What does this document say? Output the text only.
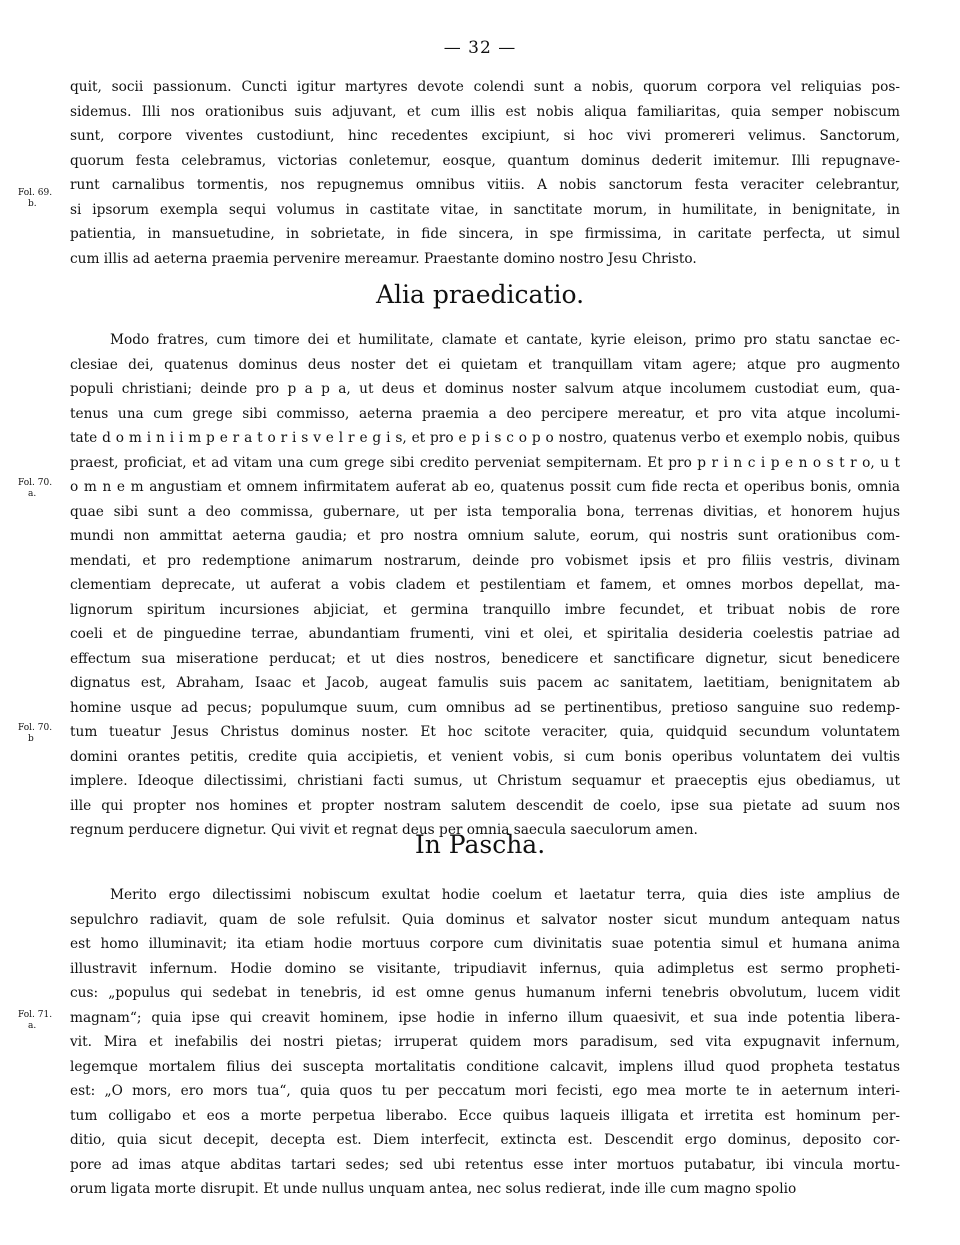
— 32 —
quit, socii passionum. Cuncti igitur martyres devote colendi sunt a nobis, quorum corpora vel reliquias pos-
sidemus. Illi nos orationibus suis adjuvant, et cum illis est nobis aliqua familiaritas, quia semper nobiscum
sunt, corpore viventes custodiunt, hinc recedentes excipiunt, si hoc vivi promereri velimus. Sanctorum,
quorum festa celebramus, victorias conletemur, eosque, quantum dominus dederit imitemur. Illi repugnave-
runt carnalibus tormentis, nos repugnemus omnibus vitiis. A nobis sanctorum festa veraciter celebrantur,
si ipsorum exempla sequi volumus in castitate vitae, in sanctitate morum, in humilitate, in benignitate, in
patientia, in mansuetudine, in sobrietate, in fide sincera, in spe firmissima, in caritate perfecta, ut simul
cum illis ad aeterna praemia pervenire mereamur. Praestante domino nostro Jesu Christo.
Alia praedicatio.
Modo fratres, cum timore dei et humilitate, clamate et cantate, kyrie eleison, primo pro statu sanctae ec-
clesiae dei, quatenus dominus deus noster det ei quietam et tranquillam vitam agere; atque pro augmento
populi christiani; deinde pro p a p a, ut deus et dominus noster salvum atque incolumem custodiat eum, qua-
tenus una cum grege sibi commisso, aeterna praemia a deo percipere mereatur, et pro vita atque incolumi-
tate d o m i n i i m p e r a t o r i s v e l r e g i s, et pro e p i s c o p o nostro, quatenus verbo et exemplo nobis, quibus
praest, proficiat, et ad vitam una cum grege sibi credito perveniat sempiternam. Et pro p r i n c i p e n o s t r o, u t
o m n e m angustiam et omnem infirmitatem auferat ab eo, quatenus possit cum fide recta et operibus bonis, omnia
quae sibi sunt a deo commissa, gubernare, ut per ista temporalia bona, terrenas divitias, et honorem hujus
mundi non ammittat aeterna gaudia; et pro nostra omnium salute, eorum, qui nostris sunt orationibus com-
mendati, et pro redemptione animarum nostrarum, deinde pro vobismet ipsis et pro filiis vestris, divinam
clementiam deprecate, ut auferat a vobis cladem et pestilentiam et famem, et omnes morbos depellat, ma-
lignorum spiritum incursiones abjiciat, et germina tranquillo imbre fecundet, et tribuat nobis de rore
coeli et de pinguedine terrae, abundantiam frumenti, vini et olei, et spiritalia desideria coelestis patriae ad
effectum sua miseratione perducat; et ut dies nostros, benedicere et sanctificare dignetur, sicut benedicere
dignatus est, Abraham, Isaac et Jacob, augeat famulis suis pacem ac sanitatem, laetitiam, benignitatem ab
homine usque ad pecus; populumque suum, cum omnibus ad se pertinentibus, pretioso sanguine suo redemp-
tum tueatur Jesus Christus dominus noster. Et hoc scitote veraciter, quia, quidquid secundum voluntatem
domini orantes petitis, credite quia accipietis, et venient vobis, si cum bonis operibus voluntatem dei vultis
implere. Ideoque dilectissimi, christiani facti sumus, ut Christum sequamur et praeceptis ejus obediamus, ut
ille qui propter nos homines et propter nostram salutem descendit de coelo, ipse sua pietate ad suum nos
regnum perducere dignetur. Qui vivit et regnat deus per omnia saecula saeculorum amen.
In Pascha.
Merito ergo dilectissimi nobiscum exultat hodie coelum et laetatur terra, quia dies iste amplius de
sepulchro radiavit, quam de sole refulsit. Quia dominus et salvator noster sicut mundum antequam natus
est homo illuminavit; ita etiam hodie mortuus corpore cum divinitatis suae potentia simul et humana anima
illustravit infernum. Hodie domino se visitante, tripudiavit infernus, quia adimpletus est sermo propheti-
cus: „populus qui sedebat in tenebris, id est omne genus humanum inferni tenebris obvolutum, lucem vidit
magnam“; quia ipse qui creavit hominem, ipse hodie in inferno illum quaesivit, et sua inde potentia libera-
vit. Mira et inefabilis dei nostri pietas; irruperat quidem mors paradisum, sed vita expugnavit infernum,
legemque mortalem filius dei suscepta mortalitatis conditione calcavit, implens illud quod propheta testatus
est: „O mors, ero mors tua“, quia quos tu per peccatum mori fecisti, ego mea morte te in aeternum interi-
tum colligabo et eos a morte perpetua liberabo. Ecce quibus laqueis illigata et irretita est hominum per-
ditio, quia sicut decepit, decepta est. Diem interfecit, extincta est. Descendit ergo dominus, deposito cor-
pore ad imas atque abditas tartari sedes; sed ubi retentus esse inter mortuos putabatur, ibi vincula mortu-
orum ligata morte disrupit. Et unde nullus unquam antea, nec solus redierat, inde ille cum magno spolio
Fol. 69.
b.
Fol. 70.
a.
Fol. 70.
b
Fol. 71.
a.
